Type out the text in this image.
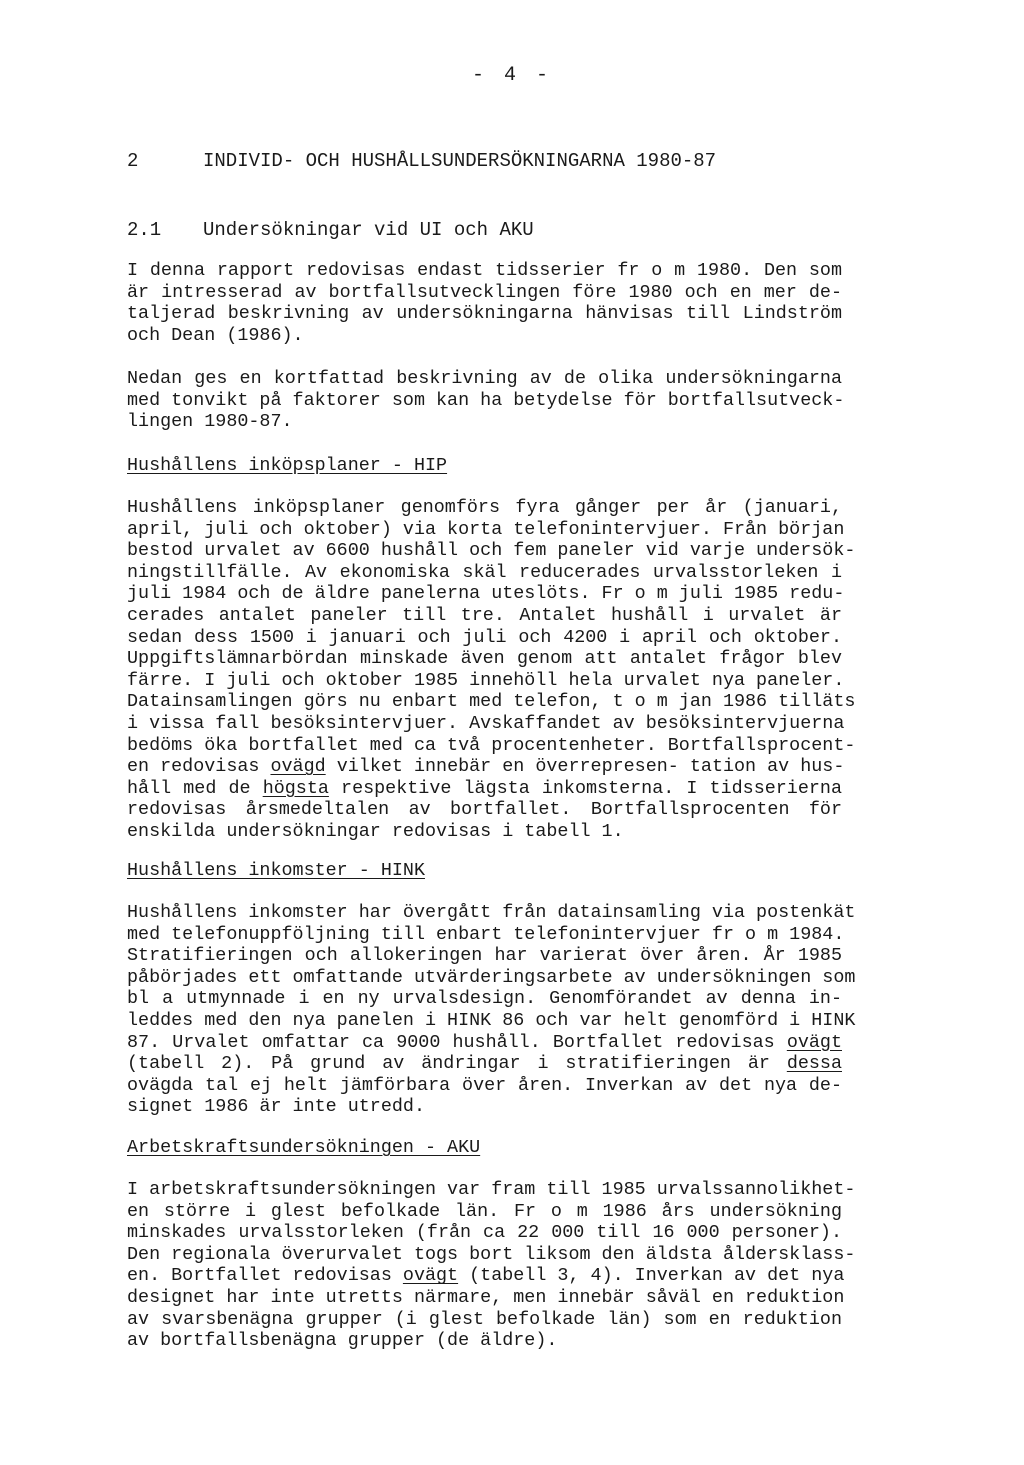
- 4 -
2	INDIVID- OCH HUSHÅLLSUNDERSÖKNINGARNA 1980-87
2.1 Undersökningar vid UI och AKU
I denna rapport redovisas endast tidsserier fr o m 1980. Den som
är intresserad av bortfallsutvecklingen före 1980 och en mer de-
taljerad beskrivning av undersökningarna hänvisas till Lindström
och Dean (1986).
Nedan ges en kortfattad beskrivning av de olika undersökningarna
med tonvikt på faktorer som kan ha betydelse för bortfallsutveck-
lingen 1980-87.
Hushållens inköpsplaner - HIP
Hushållens inköpsplaner genomförs fyra gånger per år (januari,
april, juli och oktober) via korta telefonintervjuer. Från början
bestod urvalet av 6600 hushåll och fem paneler vid varje undersök-
ningstillfälle. Av ekonomiska skäl reducerades urvalsstorleken i
juli 1984 och de äldre panelerna uteslöts. Fr o m juli 1985 redu-
cerades antalet paneler till tre. Antalet hushåll i urvalet är
sedan dess 1500 i januari och juli och 4200 i april och oktober.
Uppgiftslämnarbördan minskade även genom att antalet frågor blev
färre. I juli och oktober 1985 innehöll hela urvalet nya paneler.
Datainsamlingen görs nu enbart med telefon, t o m jan 1986 tilläts
i vissa fall besöksintervjuer. Avskaffandet av besöksintervjuerna
bedöms öka bortfallet med ca två procentenheter. Bortfallsprocent-
en redovisas ovägd vilket innebär en överrepresen- tation av hus-
håll med de högsta respektive lägsta inkomsterna. I tidsserierna
redovisas årsmedeltalen av bortfallet. Bortfallsprocenten för
enskilda undersökningar redovisas i tabell 1.
Hushållens inkomster - HINK
Hushållens inkomster har övergått från datainsamling via postenkät
med telefonuppföljning till enbart telefonintervjuer fr o m 1984.
Stratifieringen och allokeringen har varierat över åren. År 1985
påbörjades ett omfattande utvärderingsarbete av undersökningen som
bl a utmynnade i en ny urvalsdesign. Genomförandet av denna in-
leddes med den nya panelen i HINK 86 och var helt genomförd i HINK
87. Urvalet omfattar ca 9000 hushåll. Bortfallet redovisas ovägt
(tabell 2). På grund av ändringar i stratifieringen är dessa
ovägda tal ej helt jämförbara över åren. Inverkan av det nya de-
signet 1986 är inte utredd.
Arbetskraftsundersökningen - AKU
I arbetskraftsundersökningen var fram till 1985 urvalssannolikhet-
en större i glest befolkade län. Fr o m 1986 års undersökning
minskades urvalsstorleken (från ca 22 000 till 16 000 personer).
Den regionala överurvalet togs bort liksom den äldsta åldersklass-
en. Bortfallet redovisas ovägt (tabell 3, 4). Inverkan av det nya
designet har inte utretts närmare, men innebär såväl en reduktion
av svarsbenägna grupper (i glest befolkade län) som en reduktion
av bortfallsbenägna grupper (de äldre).
